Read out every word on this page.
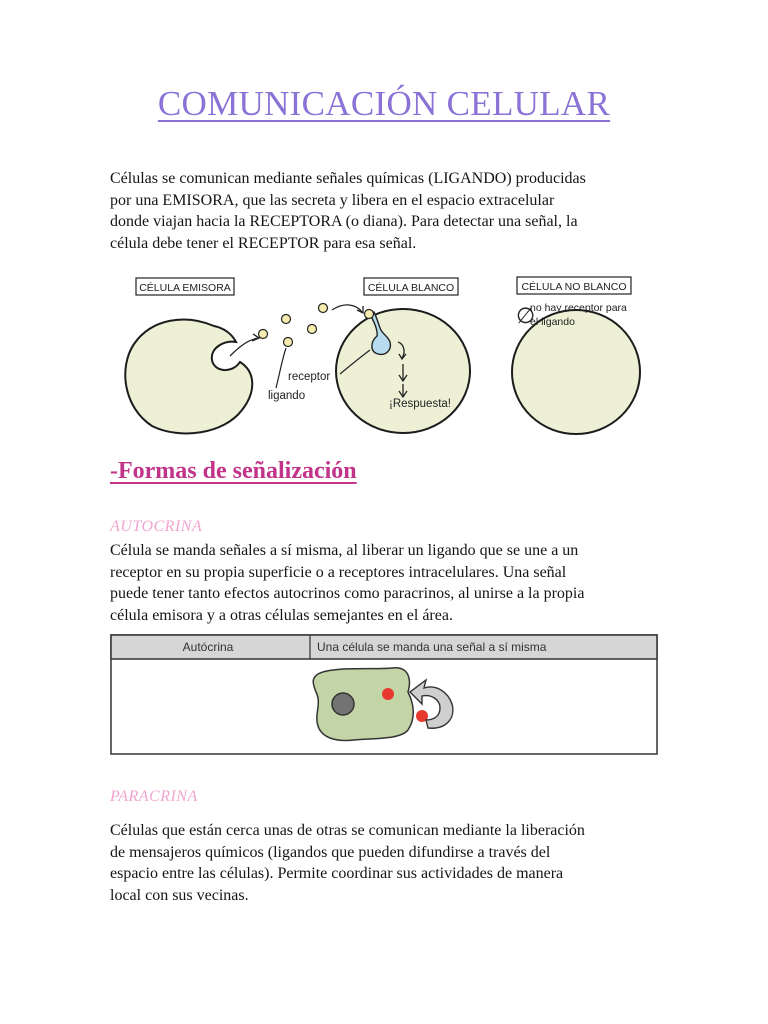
COMUNICACIÓN CELULAR
Células se comunican mediante señales químicas (LIGANDO) producidas
por una EMISORA, que las secreta y libera en el espacio extracelular
donde viajan hacia la RECEPTORA (o diana). Para detectar una señal, la
célula debe tener el RECEPTOR para esa señal.
CÉLULA EMISORA	CÉLULA BLANCO	CÉLULA NO BLANCO
¡Respuesta!
receptor
ligando
∅
no hay receptor para
el ligando
-Formas de señalización
AUTOCRINA
Célula se manda señales a sí misma, al liberar un ligando que se une a un
receptor en su propia superficie o a receptores intracelulares. Una señal
puede tener tanto efectos autocrinos como paracrinos, al unirse a la propia
célula emisora y a otras células semejantes en el área.
Autócrina	Una célula se manda una señal a sí misma
PARACRINA
Células que están cerca unas de otras se comunican mediante la liberación
de mensajeros químicos (ligandos que pueden difundirse a través del
espacio entre las células). Permite coordinar sus actividades de manera
local con sus vecinas.
